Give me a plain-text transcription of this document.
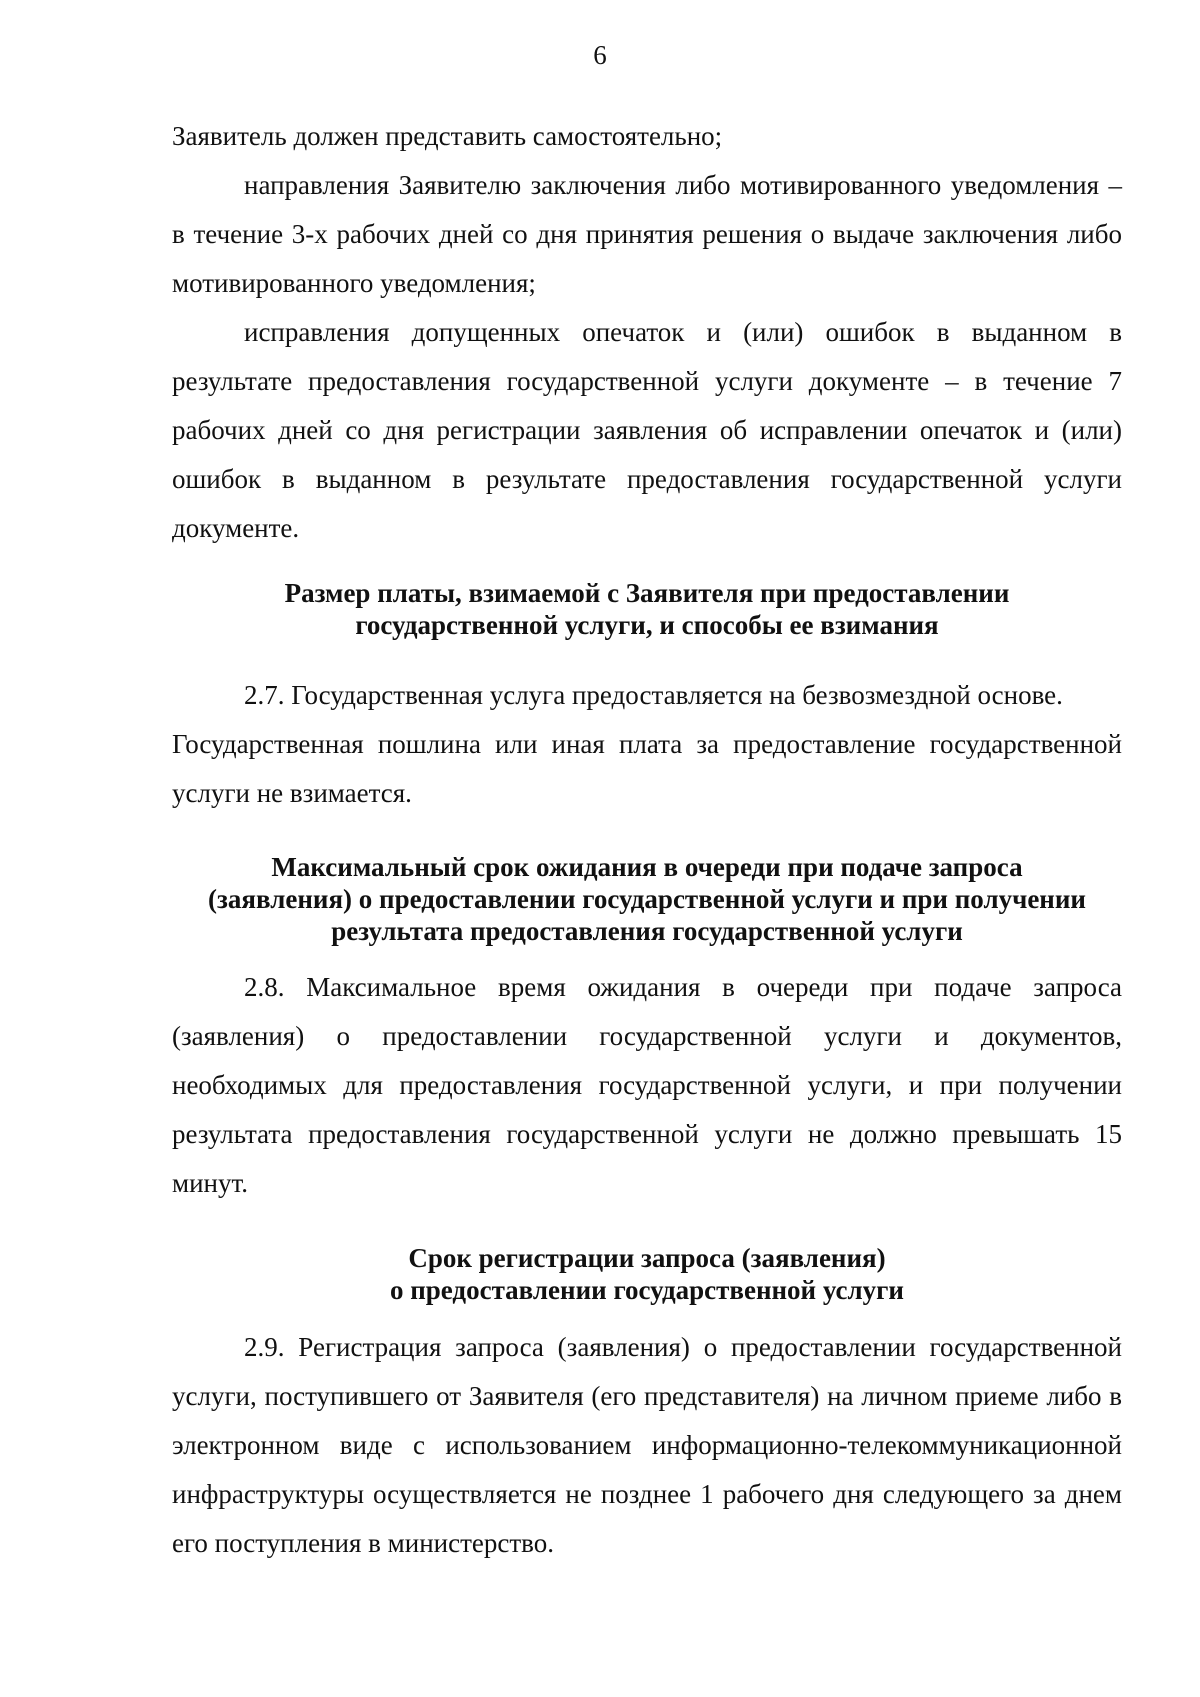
6

Заявитель должен представить самостоятельно;

направления Заявителю заключения либо мотивированного уведомления – в течение 3-х рабочих дней со дня принятия решения о выдаче заключения либо мотивированного уведомления;

исправления допущенных опечаток и (или) ошибок в выданном в результате предоставления государственной услуги документе – в течение 7 рабочих дней со дня регистрации заявления об исправлении опечаток и (или) ошибок в выданном в результате предоставления государственной услуги документе.

Размер платы, взимаемой с Заявителя при предоставлении
государственной услуги, и способы ее взимания

2.7. Государственная услуга предоставляется на безвозмездной основе.

Государственная пошлина или иная плата за предоставление государственной услуги не взимается.

Максимальный срок ожидания в очереди при подаче запроса
(заявления) о предоставлении государственной услуги и при получении
результата предоставления государственной услуги

2.8. Максимальное время ожидания в очереди при подаче запроса (заявления) о предоставлении государственной услуги и документов, необходимых для предоставления государственной услуги, и при получении результата предоставления государственной услуги не должно превышать 15 минут.

Срок регистрации запроса (заявления)
о предоставлении государственной услуги

2.9. Регистрация запроса (заявления) о предоставлении государственной услуги, поступившего от Заявителя (его представителя) на личном приеме либо в электронном виде с использованием информационно-телекоммуникационной инфраструктуры осуществляется не позднее 1 рабочего дня следующего за днем его поступления в министерство.
